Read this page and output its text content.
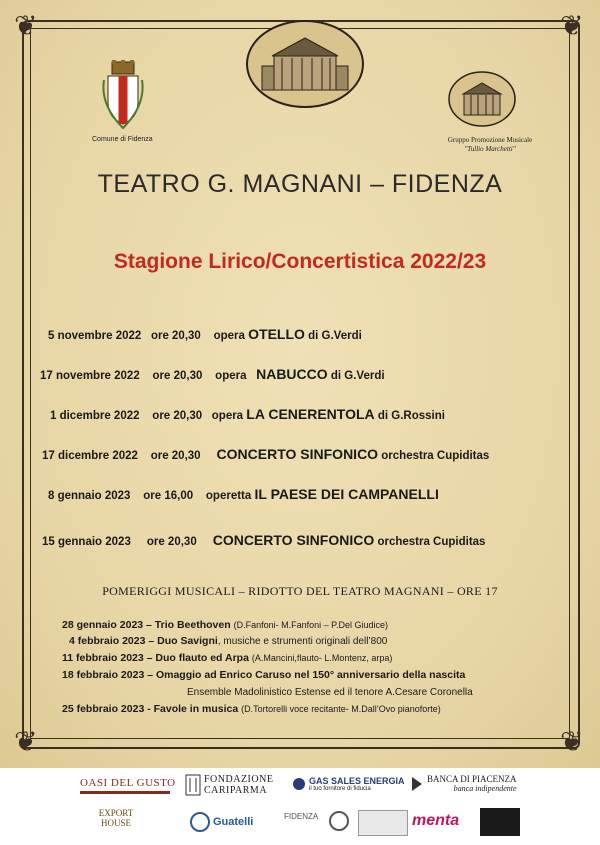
❦	❦
❦	❦
Comune di Fidenza	Gruppo Promozione Musicale
"Tullio Marchetti"
TEATRO G. MAGNANI – FIDENZA
Stagione Lirico/Concertistica 2022/23
5 novembre 2022 ore 20,30 opera OTELLO di G.Verdi
17 novembre 2022 ore 20,30 opera NABUCCO di G.Verdi
1 dicembre 2022 ore 20,30 opera LA CENERENTOLA di G.Rossini
17 dicembre 2022 ore 20,30 CONCERTO SINFONICO orchestra Cupiditas
8 gennaio 2023 ore 16,00 operetta IL PAESE DEI CAMPANELLI
15 gennaio 2023 ore 20,30 CONCERTO SINFONICO orchestra Cupiditas
POMERIGGI MUSICALI – RIDOTTO DEL TEATRO MAGNANI – ORE 17
28 gennaio 2023 – Trio Beethoven (D.Fanfoni- M.Fanfoni – P.Del Giudice)
4 febbraio 2023 – Duo Savigni, musiche e strumenti originali dell’800
11 febbraio 2023 – Duo flauto ed Arpa (A.Mancini,flauto- L.Montenz, arpa)
18 febbraio 2023 – Omaggio ad Enrico Caruso nel 150° anniversario della nascita
Ensemble Madolinistico Estense ed il tenore A.Cesare Coronella
25 febbraio 2023 - Favole in musica (D.Tortorelli voce recitante- M.Dall’Ovo pianoforte)
OASI DEL GUSTO	FONDAZIONE
CARIPARMA
GAS SALES ENERGIA
il tuo fornitore di fiducia
BANCA DI PIACENZA
banca indipendente
EXPORT
HOUSE	Guatelli	FIDENZA	menta
